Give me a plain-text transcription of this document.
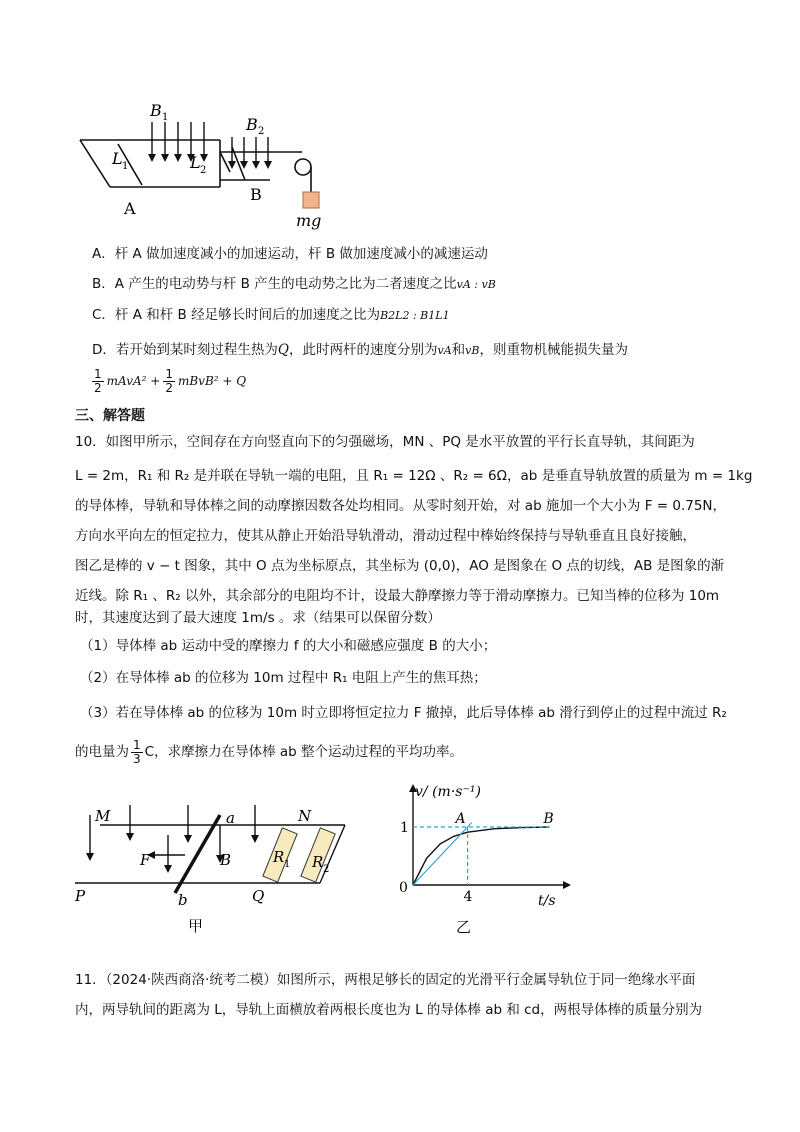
B 1	B 2
L 1	L 2
A
B
mg
A．杆 A 做加速度减小的加速运动，杆 B 做加速度减小的减速运动
B．A 产生的电动势与杆 B 产生的电动势之比为二者速度之比vA : vB
C．杆 A 和杆 B 经足够长时间后的加速度之比为B2L2 : B1L1
D．若开始到某时刻过程生热为Q，此时两杆的速度分别为vA和vB，则重物机械能损失量为
$\frac{1}{2}$ mAvA² + $\frac{1}{2}$ mBvB² + Q
三、解答题
10．如图甲所示，空间存在方向竖直向下的匀强磁场，MN 、PQ 是水平放置的平行长直导轨，其间距为
L = 2m，R₁ 和 R₂ 是并联在导轨一端的电阻，且 R₁ = 12Ω 、R₂ = 6Ω，ab 是垂直导轨放置的质量为 m = 1kg
的导体棒，导轨和导体棒之间的动摩擦因数各处均相同。从零时刻开始，对 ab 施加一个大小为 F = 0.75N，
方向水平向左的恒定拉力，使其从静止开始沿导轨滑动，滑动过程中棒始终保持与导轨垂直且良好接触，
图乙是棒的 v − t 图象，其中 O 点为坐标原点，其坐标为 (0,0)，AO 是图象在 O 点的切线，AB 是图象的渐
近线。除 R₁ 、R₂ 以外，其余部分的电阻均不计，设最大静摩擦力等于滑动摩擦力。已知当棒的位移为 10m
时，其速度达到了最大速度 1m/s 。求（结果可以保留分数）
（1）导体棒 ab 运动中受的摩擦力 f 的大小和磁感应强度 B 的大小；
（2）在导体棒 ab 的位移为 10m 过程中 R₁ 电阻上产生的焦耳热；
（3）若在导体棒 ab 的位移为 10m 时立即将恒定拉力 F 撤掉，此后导体棒 ab 滑行到停止的过程中流过 R₂
的电量为 $\frac{1}{3}$ C ，求摩擦力在导体棒 ab 整个运动过程的平均功率。
M	N
P	Q
a
b
F	B	R 1 R 2
甲
v/ (m·s⁻¹)
t/s
0
1
4
A	B
乙
11．（2024·陕西商洛·统考二模）如图所示，两根足够长的固定的光滑平行金属导轨位于同一绝缘水平面
内，两导轨间的距离为 L，导轨上面横放着两根长度也为 L 的导体棒 ab 和 cd，两根导体棒的质量分别为
